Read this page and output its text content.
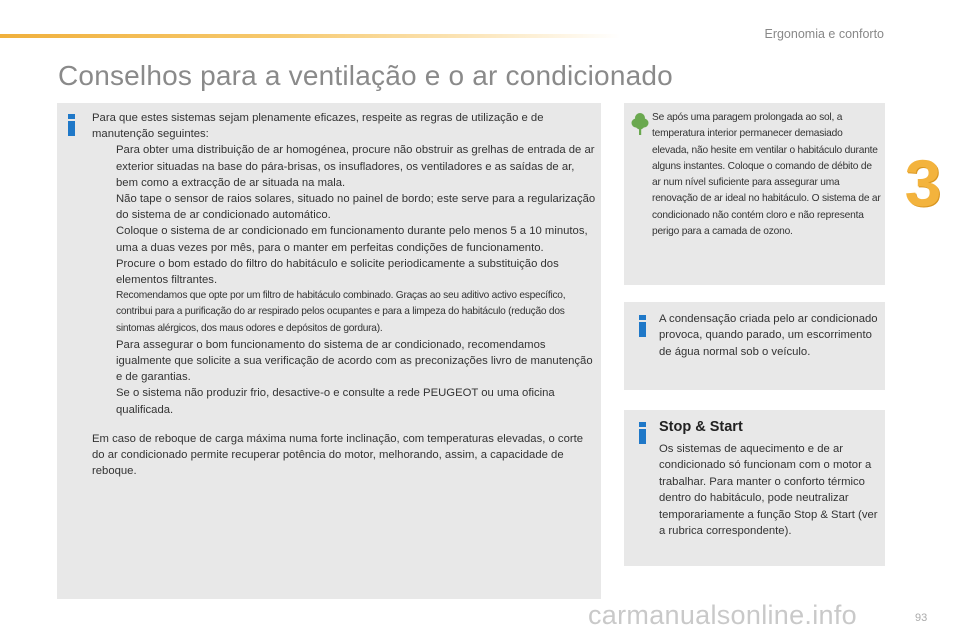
Ergonomia e conforto
3
Conselhos para a ventilação e o ar condicionado

Para que estes sistemas sejam plenamente eficazes, respeite as regras de utilização e de manutenção seguintes:

Para obter uma distribuição de ar homogénea, procure não obstruir as grelhas de entrada de ar exterior situadas na base do pára-brisas, os insufladores, os ventiladores e as saídas de ar, bem como a extracção de ar situada na mala.
Não tape o sensor de raios solares, situado no painel de bordo; este serve para a regularização do sistema de ar condicionado automático.
Coloque o sistema de ar condicionado em funcionamento durante pelo menos 5 a 10 minutos, uma a duas vezes por mês, para o manter em perfeitas condições de funcionamento.
Procure o bom estado do filtro do habitáculo e solicite periodicamente a substituição dos elementos filtrantes.

Recomendamos que opte por um filtro de habitáculo combinado. Graças ao seu aditivo activo específico, contribui para a purificação do ar respirado pelos ocupantes e para a limpeza do habitáculo (redução dos sintomas alérgicos, dos maus odores e depósitos de gordura).

Para assegurar o bom funcionamento do sistema de ar condicionado, recomendamos igualmente que solicite a sua verificação de acordo com as preconizações livro de manutenção e de garantias.
Se o sistema não produzir frio, desactive-o e consulte a rede PEUGEOT ou uma oficina qualificada.

Em caso de reboque de carga máxima numa forte inclinação, com temperaturas elevadas, o corte do ar condicionado permite recuperar potência do motor, melhorando, assim, a capacidade de reboque.

Se após uma paragem prolongada ao sol, a temperatura interior permanecer demasiado elevada, não hesite em ventilar o habitáculo durante alguns instantes. Coloque o comando de débito de ar num nível suficiente para assegurar uma renovação de ar ideal no habitáculo. O sistema de ar condicionado não contém cloro e não representa perigo para a camada de ozono.
A condensação criada pelo ar condicionado provoca, quando parado, um escorrimento de água normal sob o veículo.
Stop & Start
Os sistemas de aquecimento e de ar condicionado só funcionam com o motor a trabalhar. Para manter o conforto térmico dentro do habitáculo, pode neutralizar temporariamente a função Stop & Start (ver a rubrica correspondente).
carmanualsonline.info	93
